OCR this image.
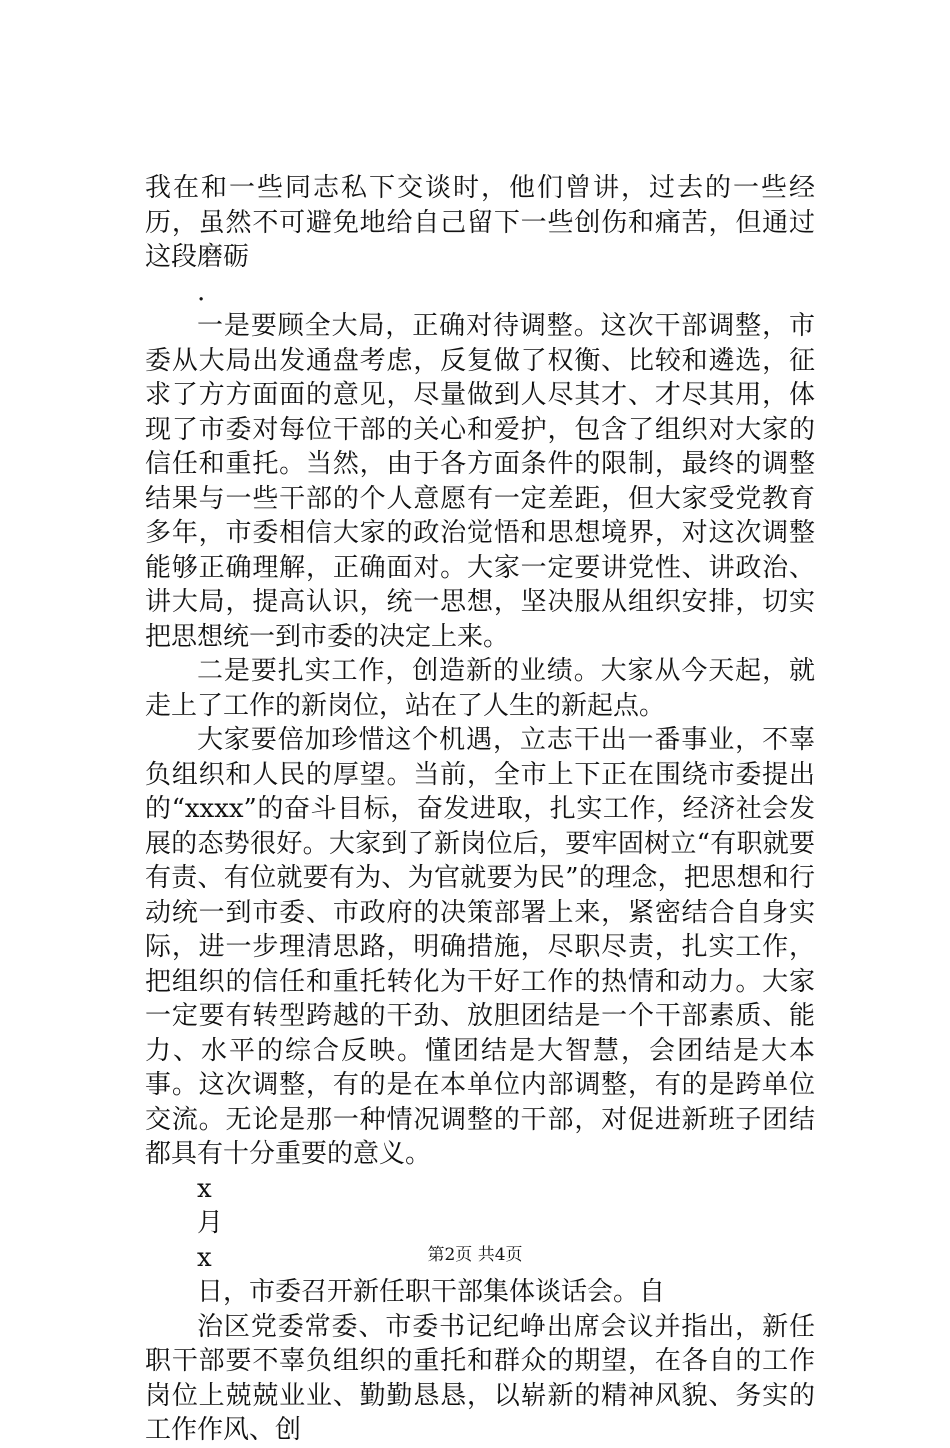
我在和一些同志私下交谈时，他们曾讲，过去的一些经历，虽然不可避免地给自己留下一些创伤和痛苦，但通过这段磨砺

.

一是要顾全大局，正确对待调整。这次干部调整，市委从大局出发通盘考虑，反复做了权衡、比较和遴选，征求了方方面面的意见，尽量做到人尽其才、才尽其用，体现了市委对每位干部的关心和爱护，包含了组织对大家的信任和重托。当然，由于各方面条件的限制，最终的调整结果与一些干部的个人意愿有一定差距，但大家受党教育多年，市委相信大家的政治觉悟和思想境界，对这次调整能够正确理解，正确面对。大家一定要讲党性、讲政治、讲大局，提高认识，统一思想，坚决服从组织安排，切实把思想统一到市委的决定上来。

二是要扎实工作，创造新的业绩。大家从今天起，就走上了工作的新岗位，站在了人生的新起点。

大家要倍加珍惜这个机遇，立志干出一番事业，不辜负组织和人民的厚望。当前，全市上下正在围绕市委提出的“xxxx”的奋斗目标，奋发进取，扎实工作，经济社会发展的态势很好。大家到了新岗位后，要牢固树立“有职就要有责、有位就要有为、为官就要为民”的理念，把思想和行动统一到市委、市政府的决策部署上来，紧密结合自身实际，进一步理清思路，明确措施，尽职尽责，扎实工作，把组织的信任和重托转化为干好工作的热情和动力。大家一定要有转型跨越的干劲、放胆团结是一个干部素质、能力、水平的综合反映。懂团结是大智慧，会团结是大本事。这次调整，有的是在本单位内部调整，有的是跨单位交流。无论是那一种情况调整的干部，对促进新班子团结都具有十分重要的意义。

x

月

x

日，市委召开新任职干部集体谈话会。自

治区党委常委、市委书记纪峥出席会议并指出，新任职干部要不辜负组织的重托和群众的期望，在各自的工作岗位上兢兢业业、勤勤恳恳，以崭新的精神风貌、务实的工作作风、创

第2页 共4页
